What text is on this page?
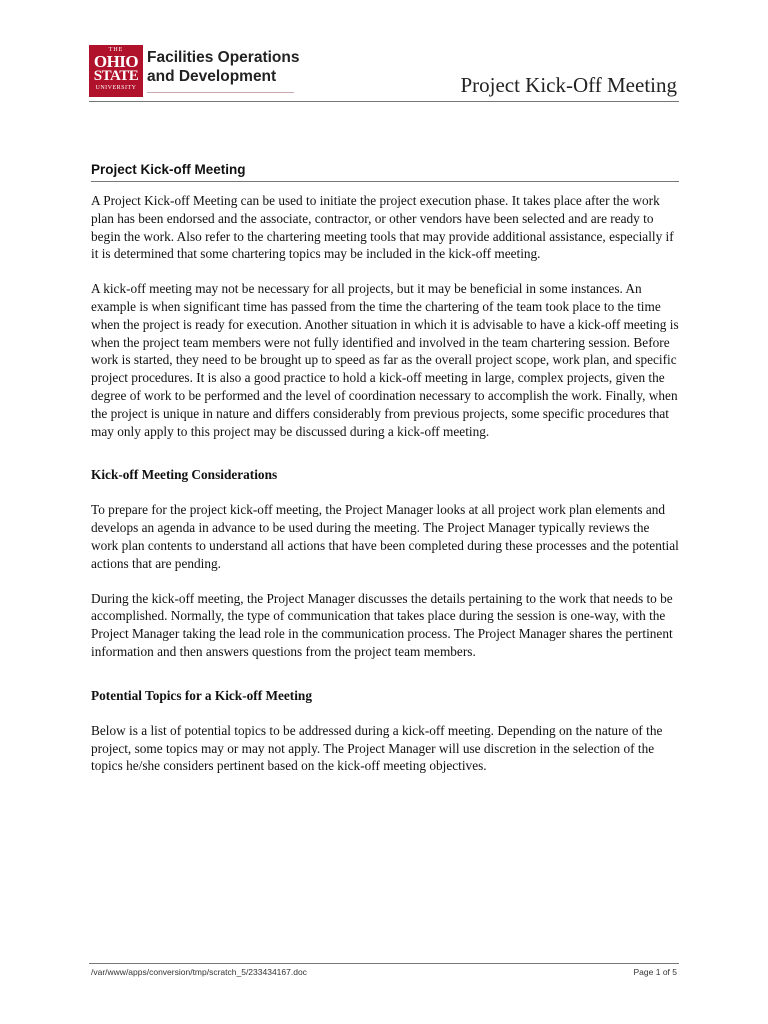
THE
OHIO
STATE
UNIVERSITY
Facilities Operations
and Development	Project Kick-Off Meeting
Project Kick-off Meeting

A Project Kick-off Meeting can be used to initiate the project execution phase. It takes place after the work plan has been endorsed and the associate, contractor, or other vendors have been selected and are ready to begin the work. Also refer to the chartering meeting tools that may provide additional assistance, especially if it is determined that some chartering topics may be included in the kick-off meeting.

A kick-off meeting may not be necessary for all projects, but it may be beneficial in some instances. An example is when significant time has passed from the time the chartering of the team took place to the time when the project is ready for execution. Another situation in which it is advisable to have a kick-off meeting is when the project team members were not fully identified and involved in the team chartering session. Before work is started, they need to be brought up to speed as far as the overall project scope, work plan, and specific project procedures. It is also a good practice to hold a kick-off meeting in large, complex projects, given the degree of work to be performed and the level of coordination necessary to accomplish the work. Finally, when the project is unique in nature and differs considerably from previous projects, some specific procedures that may only apply to this project may be discussed during a kick-off meeting.

Kick-off Meeting Considerations

To prepare for the project kick-off meeting, the Project Manager looks at all project work plan elements and develops an agenda in advance to be used during the meeting. The Project Manager typically reviews the work plan contents to understand all actions that have been completed during these processes and the potential actions that are pending.

During the kick-off meeting, the Project Manager discusses the details pertaining to the work that needs to be accomplished. Normally, the type of communication that takes place during the session is one-way, with the Project Manager taking the lead role in the communication process. The Project Manager shares the pertinent information and then answers questions from the project team members.

Potential Topics for a Kick-off Meeting

Below is a list of potential topics to be addressed during a kick-off meeting. Depending on the nature of the project, some topics may or may not apply. The Project Manager will use discretion in the selection of the topics he/she considers pertinent based on the kick-off meeting objectives.

/var/www/apps/conversion/tmp/scratch_5/233434167.doc	Page 1 of 5
